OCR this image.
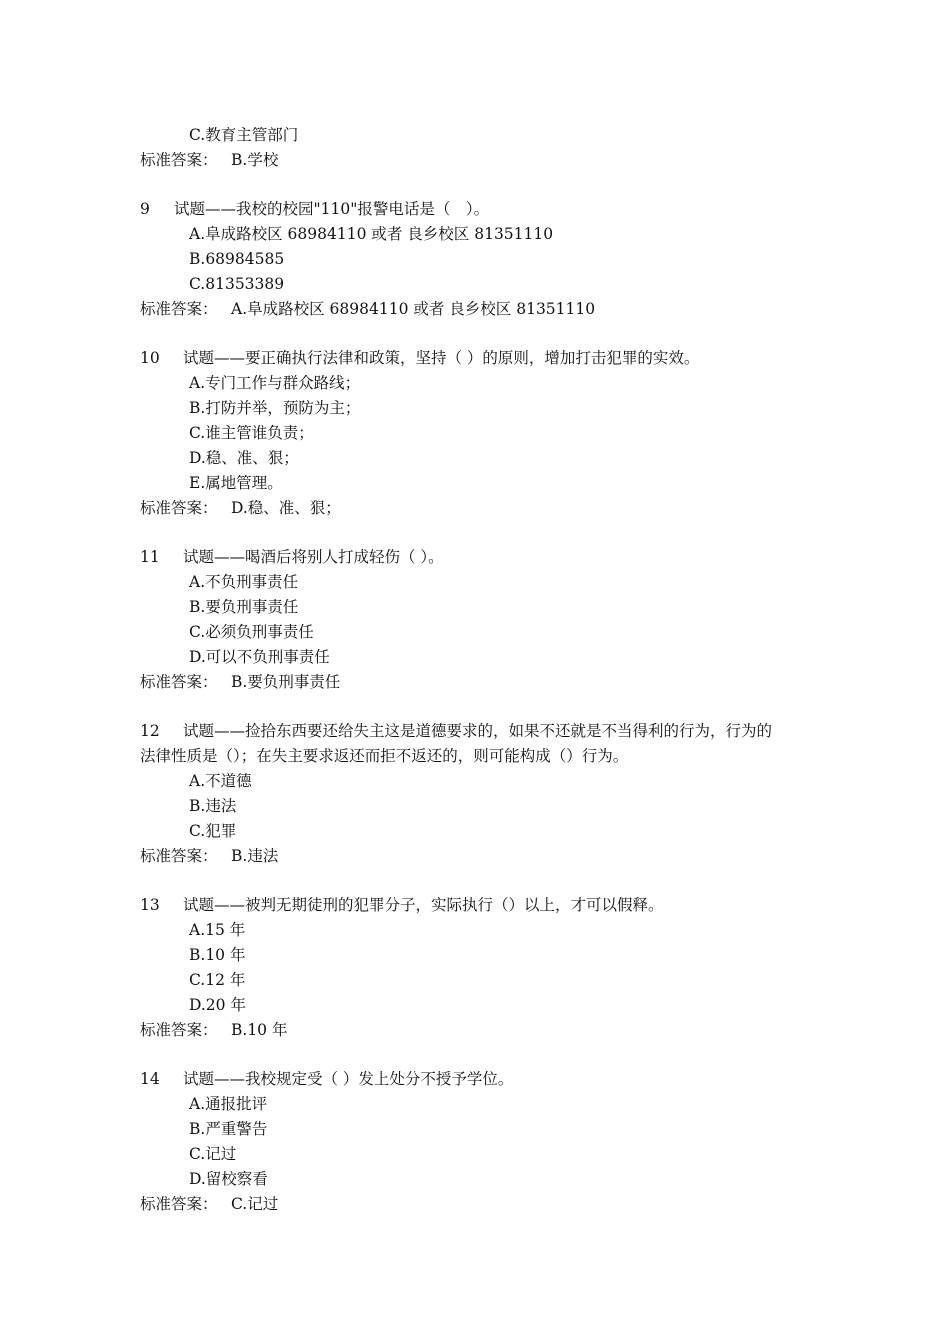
C.教育主管部门
标准答案： B.学校
9 试题——我校的校园"110"报警电话是（　）。
A.阜成路校区 68984110 或者 良乡校区 81351110
B.68984585
C.81353389
标准答案： A.阜成路校区 68984110 或者 良乡校区 81351110
10 试题——要正确执行法律和政策，坚持（ ）的原则，增加打击犯罪的实效。
A.专门工作与群众路线；
B.打防并举，预防为主；
C.谁主管谁负责；
D.稳、准、狠；
E.属地管理。
标准答案： D.稳、准、狠；
11 试题——喝酒后将别人打成轻伤（ ）。
A.不负刑事责任
B.要负刑事责任
C.必须负刑事责任
D.可以不负刑事责任
标准答案： B.要负刑事责任
12 试题——捡拾东西要还给失主这是道德要求的，如果不还就是不当得利的行为，行为的
法律性质是（）；在失主要求返还而拒不返还的，则可能构成（）行为。
A.不道德
B.违法
C.犯罪
标准答案： B.违法
13 试题——被判无期徒刑的犯罪分子，实际执行（）以上，才可以假释。
A.15 年
B.10 年
C.12 年
D.20 年
标准答案： B.10 年
14 试题——我校规定受（ ）发上处分不授予学位。
A.通报批评
B.严重警告
C.记过
D.留校察看
标准答案： C.记过
